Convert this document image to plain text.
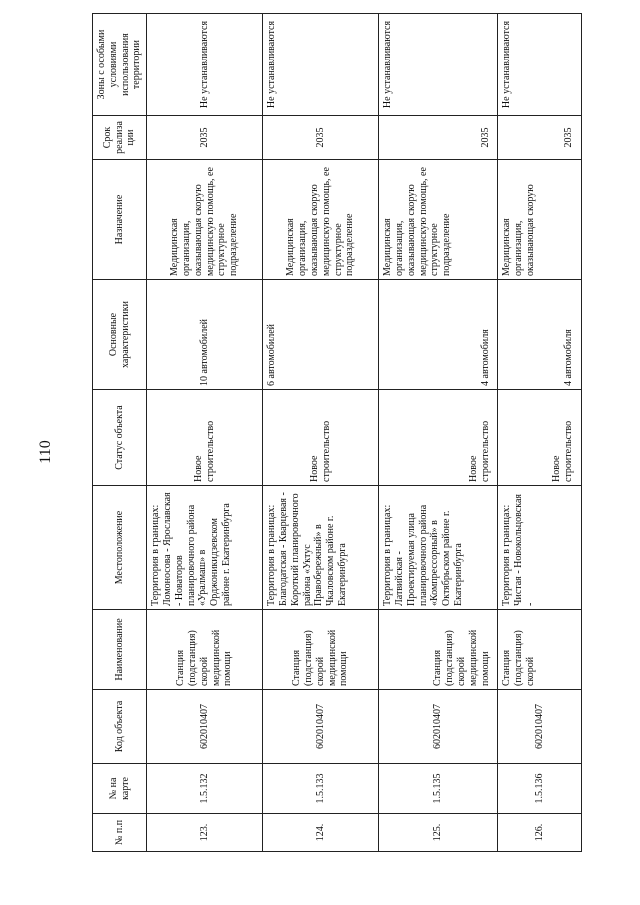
110
№ п.п	№ на карте	Код объекта	Наименование	Местоположение	Статус объекта	Основные характеристики	Назначение	Срок реализации	Зоны с особыми условиями использования территории
123.	1.5.132	602010407	Станция (подстанция) скорой медицинской помощи	Территория в границах: Ломоносова - Ярославская - Новаторов планировочного района «Уралмаш» в Орджоникидзевском районе г. Екатеринбурга	Новое строительство	10 автомобилей	Медицинская организация, оказывающая скорую медицинскую помощь, ее структурное подразделение	2035	Не устанавливаются
124.	1.5.133	602010407	Станция (подстанция) скорой медицинской помощи	Территория в границах: Благодатская - Кварцевая - Короткий планировочного района «Уктус Правобережный» в Чкаловском районе г. Екатеринбурга	Новое строительство	6 автомобилей	Медицинская организация, оказывающая скорую медицинскую помощь, ее структурное подразделение	2035	Не устанавливаются
125.	1.5.135	602010407	Станция (подстанция) скорой медицинской помощи	Территория в границах: Латвийская - Проектируемая улица планировочного района «Компрессорный» в Октябрьском районе г. Екатеринбурга	Новое строительство	4 автомобиля	Медицинская организация, оказывающая скорую медицинскую помощь, ее структурное подразделение	2035	Не устанавливаются
126.	1.5.136	602010407	Станция (подстанция) скорой	Территория в границах: Чистая - Новокольцовская -	Новое строительство	4 автомобиля	Медицинская организация, оказывающая скорую	2035	Не устанавливаются
